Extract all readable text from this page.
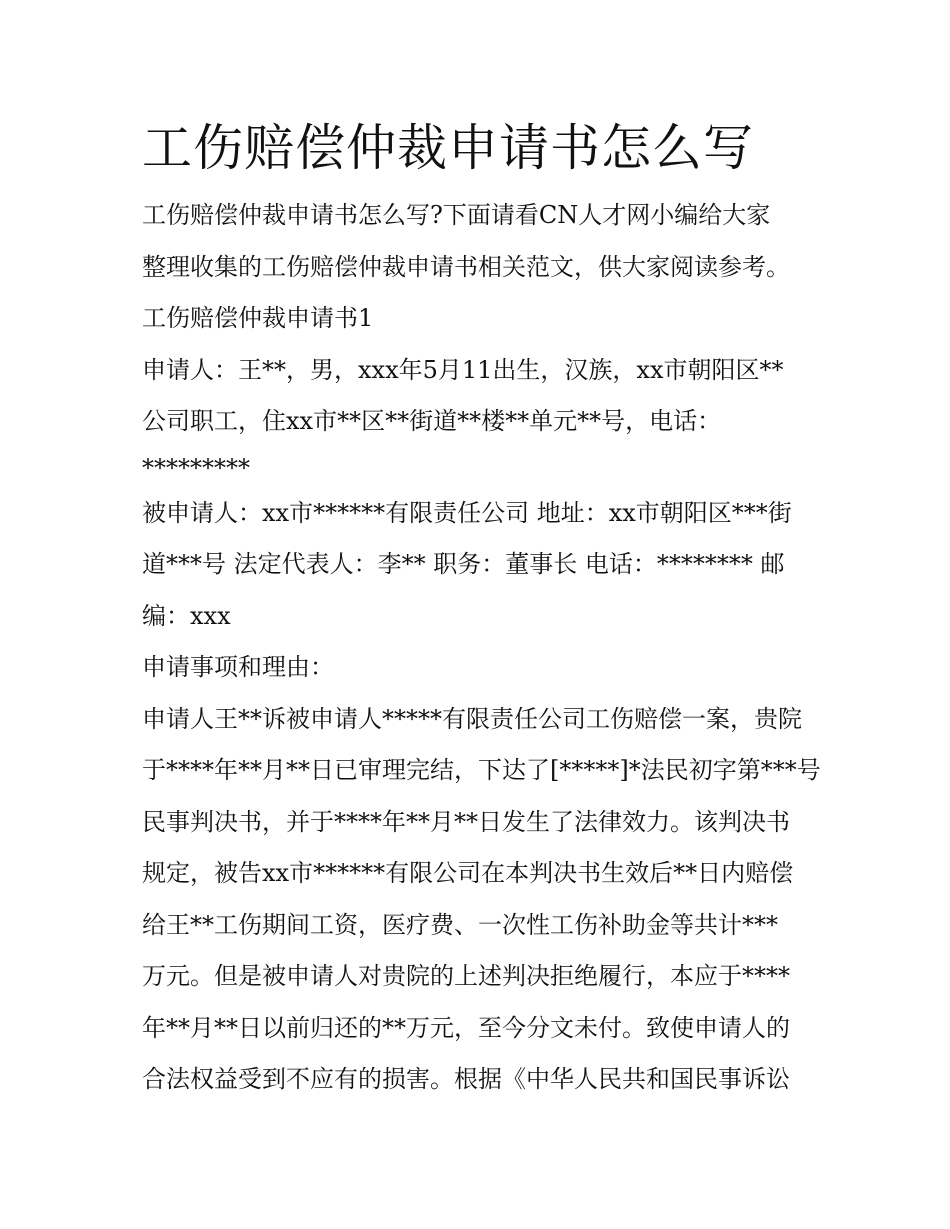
工伤赔偿仲裁申请书怎么写

工伤赔偿仲裁申请书怎么写?下面请看CN人才网小编给大家

整理收集的工伤赔偿仲裁申请书相关范文，供大家阅读参考。

工伤赔偿仲裁申请书1

申请人：王**，男，xxx年5月11出生，汉族，xx市朝阳区**

公司职工，住xx市**区**街道**楼**单元**号，电话：

*********

被申请人：xx市******有限责任公司 地址：xx市朝阳区***街

道***号 法定代表人：李** 职务：董事长 电话：******** 邮

编：xxx

申请事项和理由：

申请人王**诉被申请人*****有限责任公司工伤赔偿一案，贵院

于****年**月**日已审理完结，下达了[*****]*法民初字第***号

民事判决书，并于****年**月**日发生了法律效力。该判决书

规定，被告xx市******有限公司在本判决书生效后**日内赔偿

给王**工伤期间工资，医疗费、一次性工伤补助金等共计***

万元。但是被申请人对贵院的上述判决拒绝履行，本应于****

年**月**日以前归还的**万元，至今分文未付。致使申请人的

合法权益受到不应有的损害。根据《中华人民共和国民事诉讼
